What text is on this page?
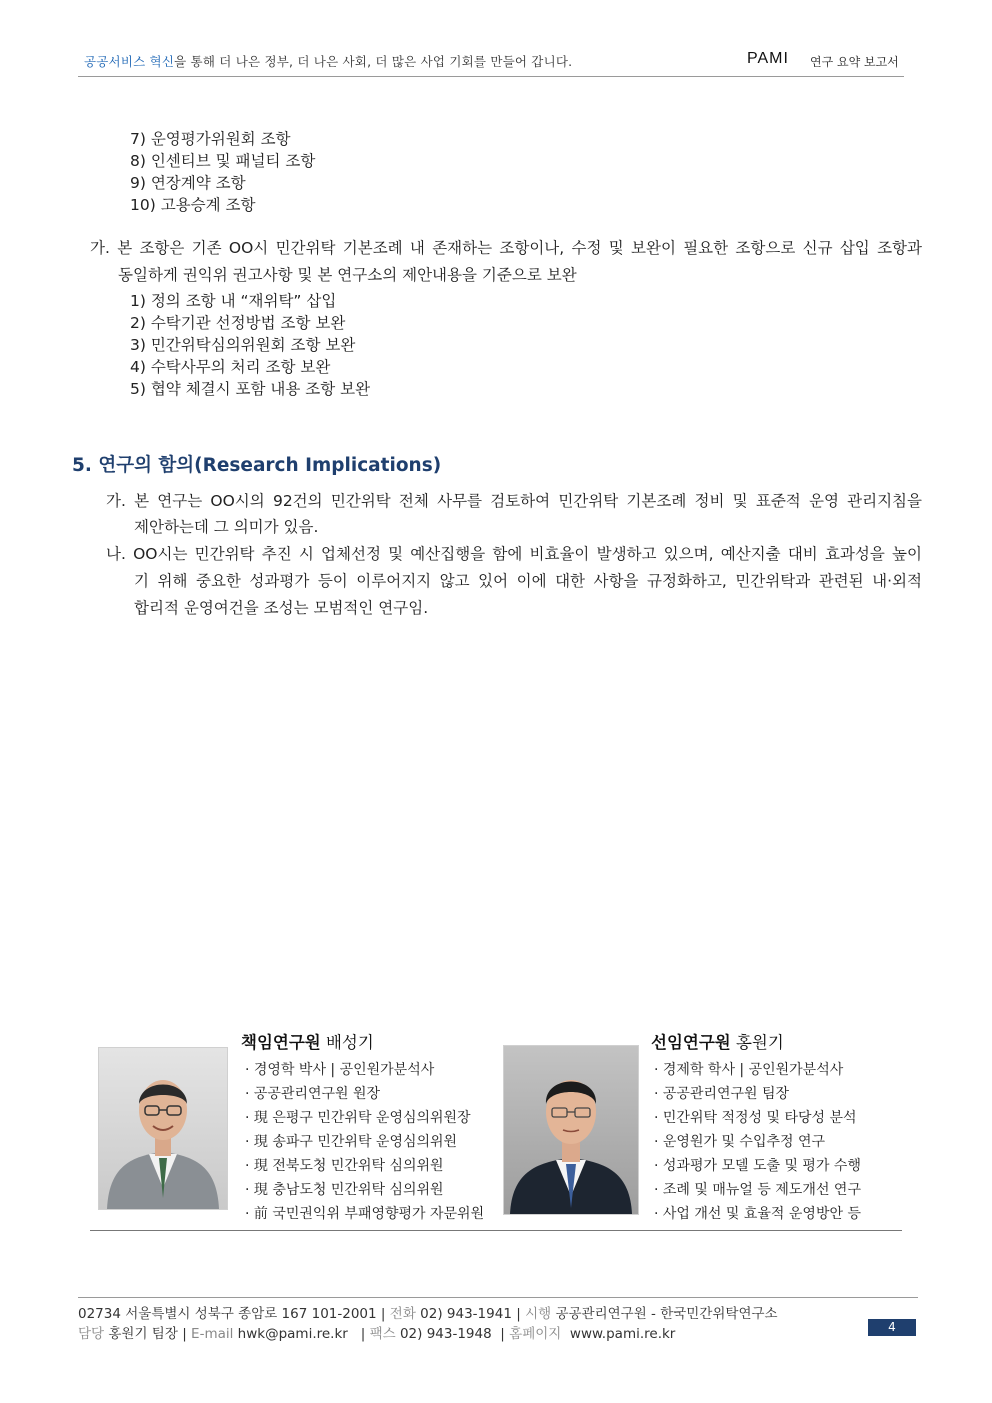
공공서비스 혁신을 통해 더 나은 정부, 더 나은 사회, 더 많은 사업 기회를 만들어 갑니다.	PAMI 연구 요약 보고서
7) 운영평가위원회 조항
8) 인센티브 및 패널티 조항
9) 연장계약 조항
10) 고용승계 조항
가. 본 조항은 기존 OO시 민간위탁 기본조례 내 존재하는 조항이나, 수정 및 보완이 필요한 조항으로 신규 삽입 조항과
동일하게 권익위 권고사항 및 본 연구소의 제안내용을 기준으로 보완
1) 정의 조항 내 “재위탁” 삽입
2) 수탁기관 선정방법 조항 보완
3) 민간위탁심의위원회 조항 보완
4) 수탁사무의 처리 조항 보완
5) 협약 체결시 포함 내용 조항 보완
5. 연구의 함의(Research Implications)
가. 본 연구는 OO시의 92건의 민간위탁 전체 사무를 검토하여 민간위탁 기본조례 정비 및 표준적 운영 관리지침을
제안하는데 그 의미가 있음.
나. OO시는 민간위탁 추진 시 업체선정 및 예산집행을 함에 비효율이 발생하고 있으며, 예산지출 대비 효과성을 높이
기 위해 중요한 성과평가 등이 이루어지지 않고 있어 이에 대한 사항을 규정화하고, 민간위탁과 관련된 내·외적
합리적 운영여건을 조성는 모범적인 연구임.
책임연구원 배성기
· 경영학 박사 | 공인원가분석사
· 공공관리연구원 원장
· 現 은평구 민간위탁 운영심의위원장
· 現 송파구 민간위탁 운영심의위원
· 現 전북도청 민간위탁 심의위원
· 現 충남도청 민간위탁 심의위원
· 前 국민권익위 부패영향평가 자문위원
선임연구원 홍원기
· 경제학 학사 | 공인원가분석사
· 공공관리연구원 팀장
· 민간위탁 적정성 및 타당성 분석
· 운영원가 및 수입추정 연구
· 성과평가 모델 도출 및 평가 수행
· 조례 및 매뉴얼 등 제도개선 연구
· 사업 개선 및 효율적 운영방안 등
02734 서울특별시 성북구 종암로 167 101-2001 | 전화 02) 943-1941 | 시행 공공관리연구원 - 한국민간위탁연구소
담당 홍원기 팀장 | E-mail hwk@pami.re.kr | 팩스 02) 943-1948 | 홈페이지 www.pami.re.kr	4
